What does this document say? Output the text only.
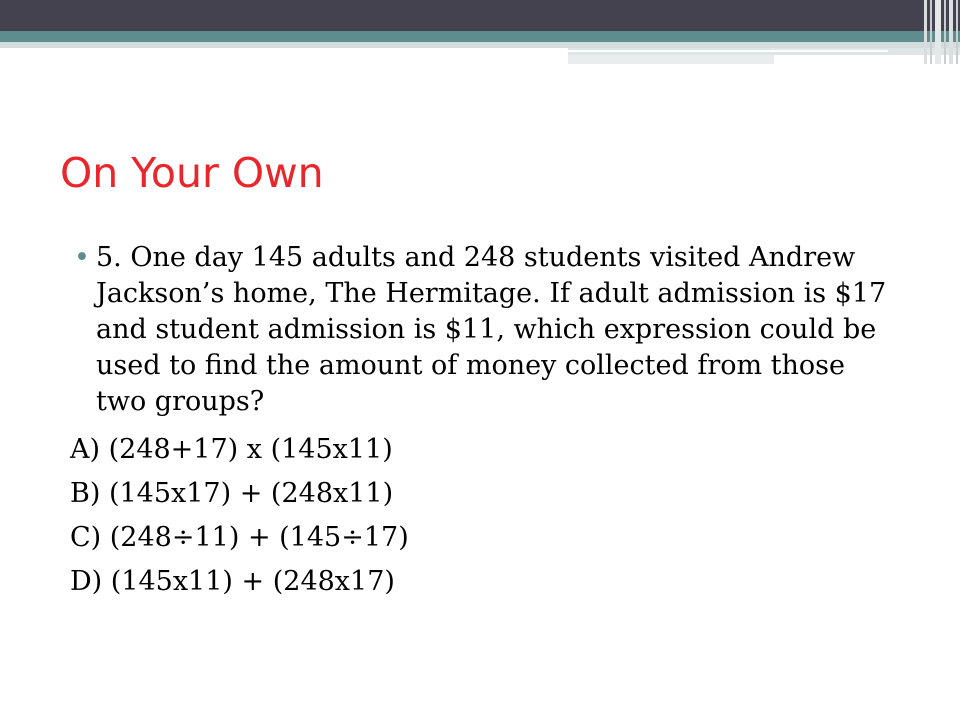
On Your Own

• 5. One day 145 adults and 248 students visited Andrew Jackson’s home, The Hermitage. If adult admission is $17 and student admission is $11, which expression could be used to find the amount of money collected from those two groups?

A) (248+17) x (145x11)

B) (145x17) + (248x11)

C) (248÷11) + (145÷17)

D) (145x11) + (248x17)
